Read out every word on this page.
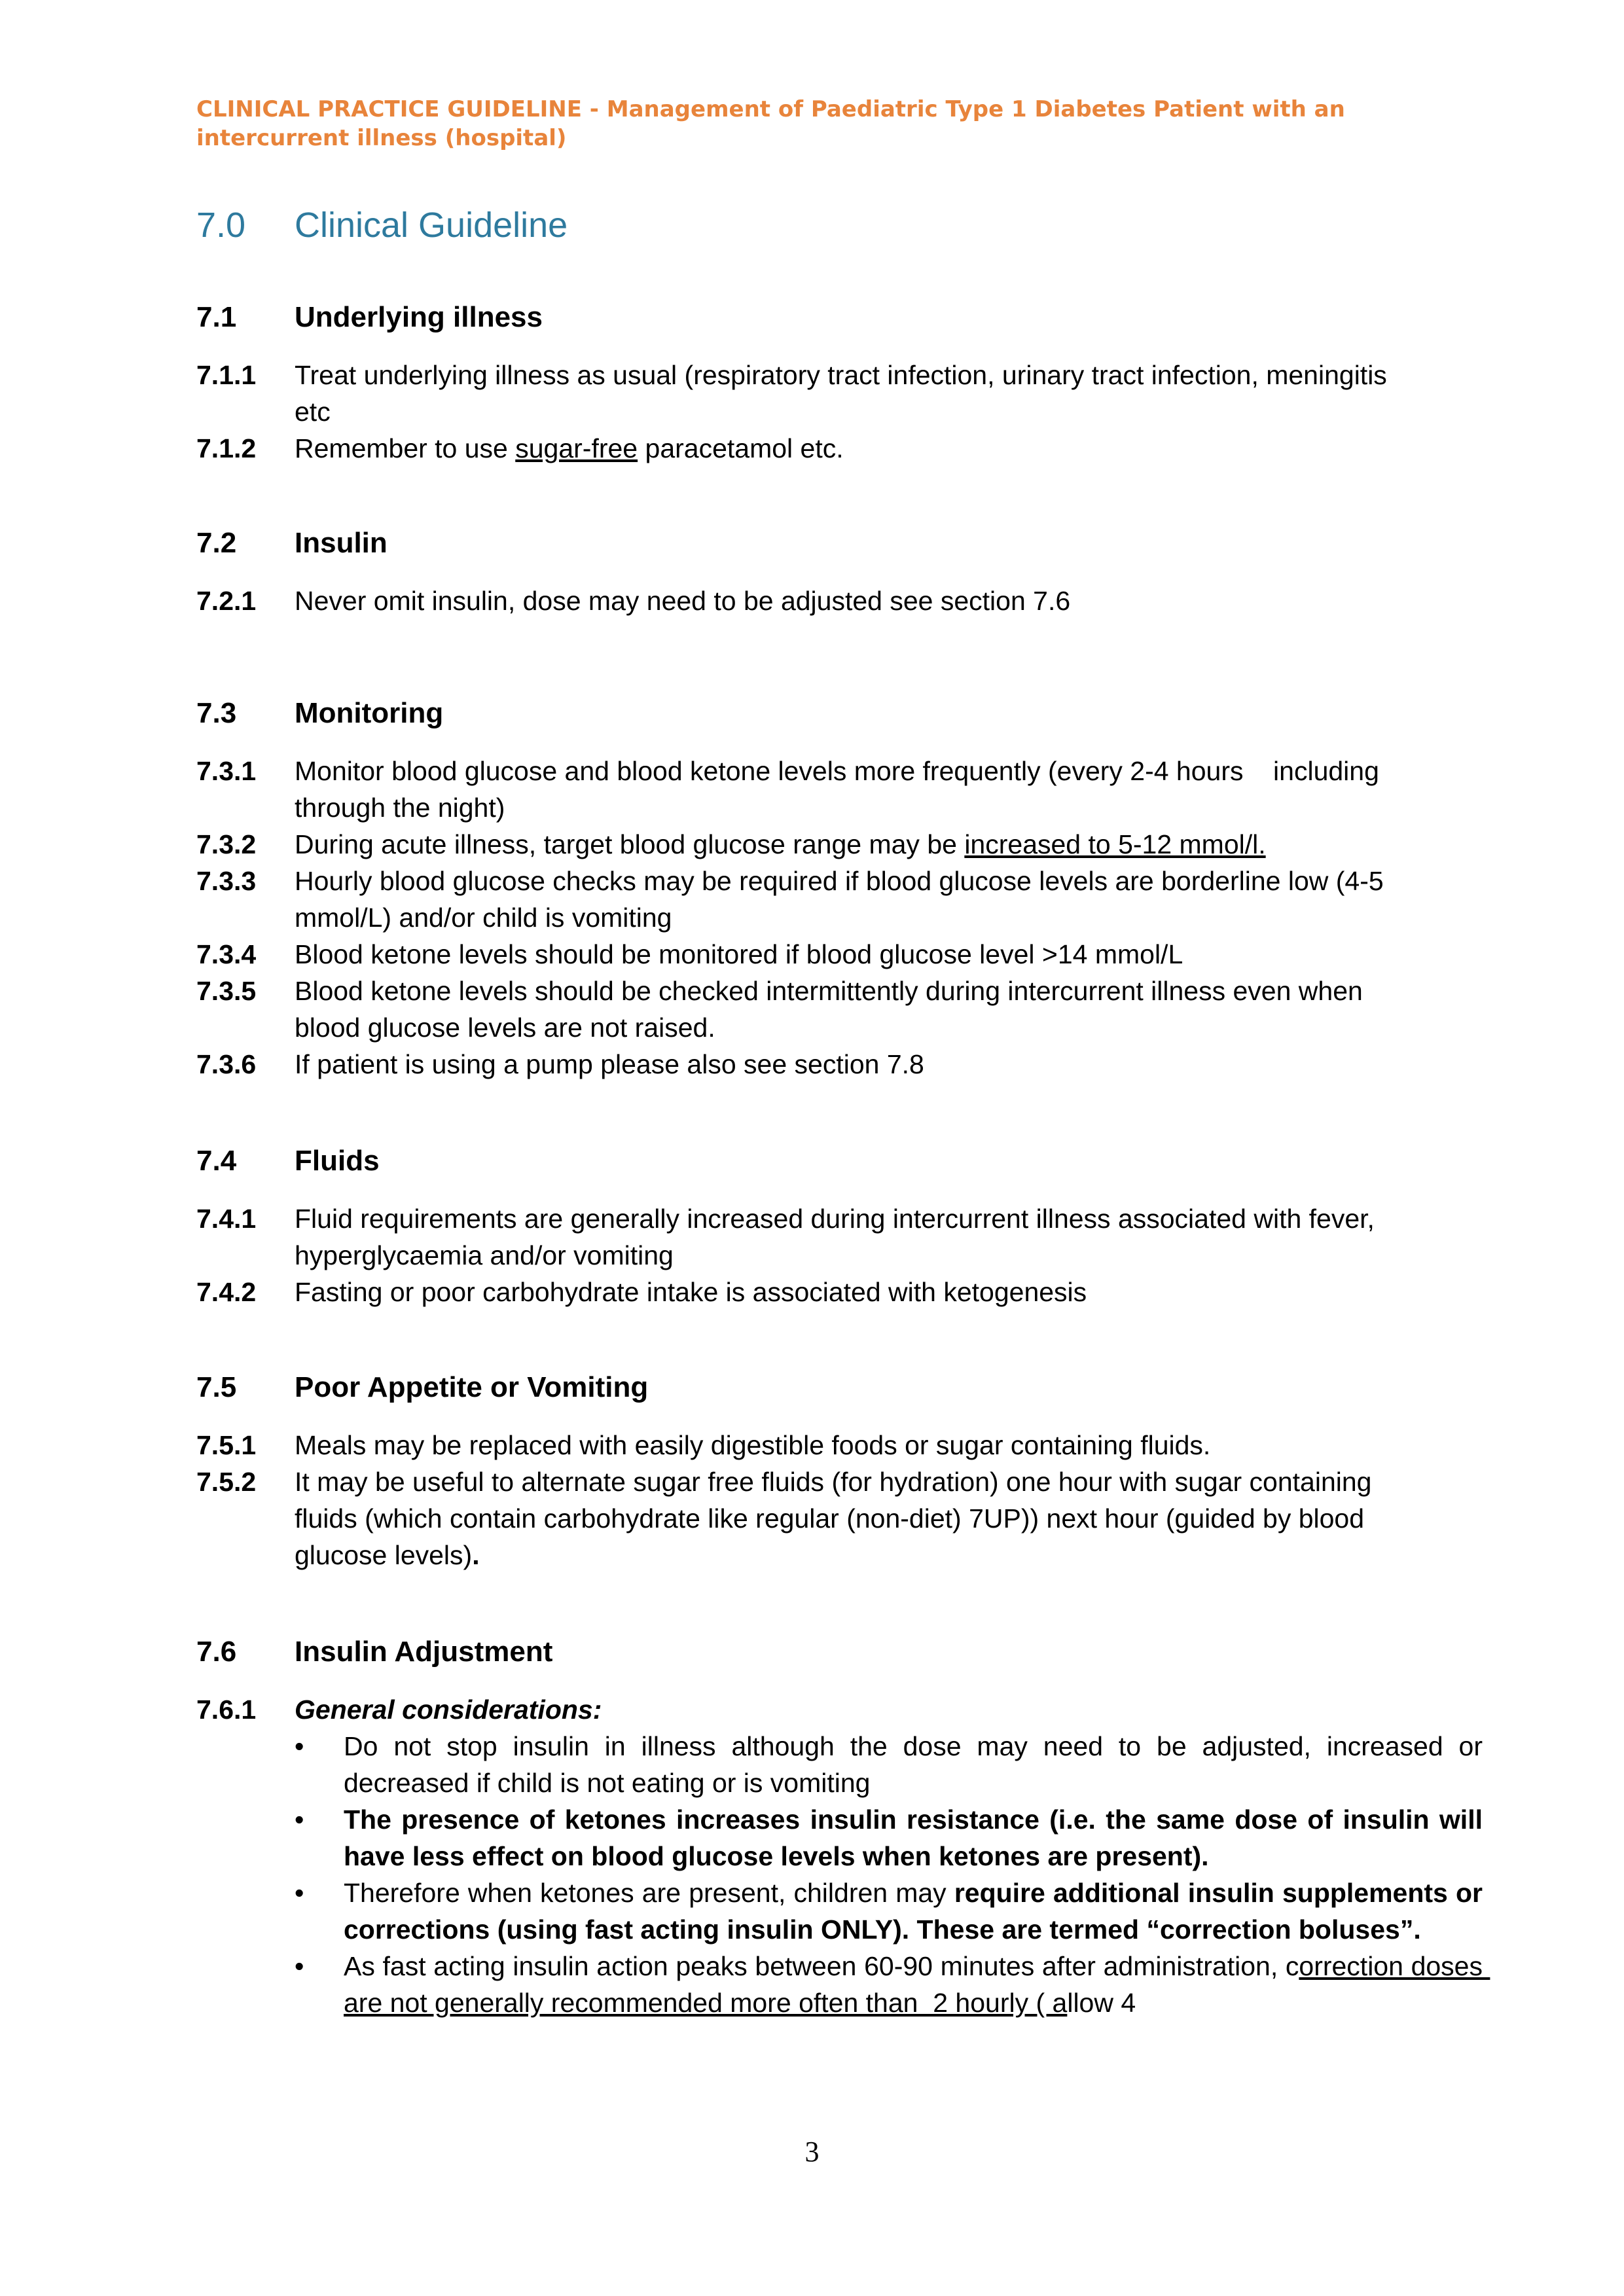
CLINICAL PRACTICE GUIDELINE - Management of Paediatric Type 1 Diabetes Patient with an
intercurrent illness (hospital)
7.0 Clinical Guideline
7.1 Underlying illness
7.1.1 Treat underlying illness as usual (respiratory tract infection, urinary tract infection, meningitis etc
7.1.2 Remember to use sugar-free paracetamol etc.
7.2 Insulin
7.2.1 Never omit insulin, dose may need to be adjusted see section 7.6
7.3 Monitoring
7.3.1 Monitor blood glucose and blood ketone levels more frequently (every 2-4 hours    including through the night)
7.3.2 During acute illness, target blood glucose range may be increased to 5-12 mmol/l.
7.3.3 Hourly blood glucose checks may be required if blood glucose levels are borderline low (4-5 mmol/L) and/or child is vomiting
7.3.4 Blood ketone levels should be monitored if blood glucose level >14 mmol/L
7.3.5 Blood ketone levels should be checked intermittently during intercurrent illness even when blood glucose levels are not raised.
7.3.6 If patient is using a pump please also see section 7.8
7.4 Fluids
7.4.1 Fluid requirements are generally increased during intercurrent illness associated with fever, hyperglycaemia and/or vomiting
7.4.2 Fasting or poor carbohydrate intake is associated with ketogenesis
7.5 Poor Appetite or Vomiting
7.5.1 Meals may be replaced with easily digestible foods or sugar containing fluids.
7.5.2 It may be useful to alternate sugar free fluids (for hydration) one hour with sugar containing fluids (which contain carbohydrate like regular (non-diet) 7UP)) next hour (guided by blood glucose levels).
7.6 Insulin Adjustment
7.6.1 General considerations:
• Do not stop insulin in illness although the dose may need to be adjusted, increased or decreased if child is not eating or is vomiting
• The presence of ketones increases insulin resistance (i.e. the same dose of insulin will have less effect on blood glucose levels when ketones are present).
• Therefore when ketones are present, children may require additional insulin supplements or corrections (using fast acting insulin ONLY). These are termed “correction boluses”.
• As fast acting insulin action peaks between 60-90 minutes after administration, correction doses are not generally recommended more often than  2 hourly ( allow 4
3
